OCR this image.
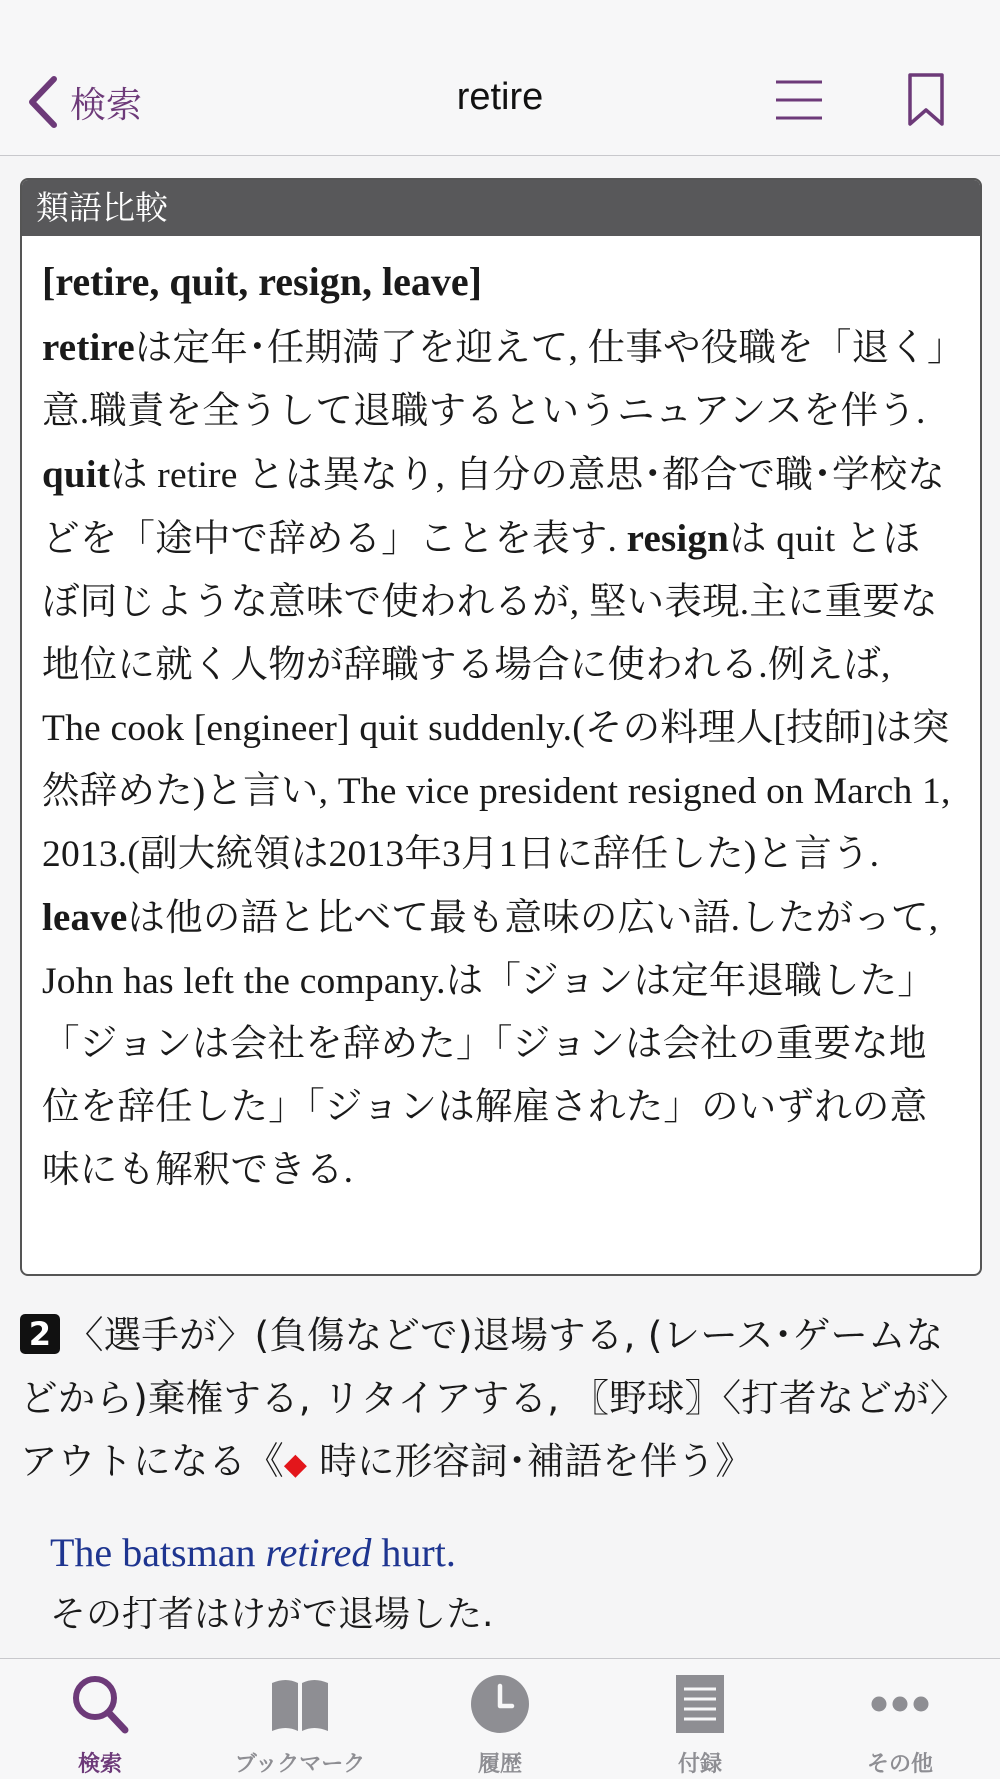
検索	retire
類語比較
[retire, quit, resign, leave]

retireは定年･任期満了を迎えて, 仕事や役職を「退く」意.職責を全うして退職するというニュアンスを伴う. quitは retire とは異なり, 自分の意思･都合で職･学校などを「途中で辞める」ことを表す. resignは quit とほぼ同じような意味で使われるが, 堅い表現.主に重要な地位に就く人物が辞職する場合に使われる.例えば, The cook [engineer] quit suddenly.(その料理人[技師]は突然辞めた)と言い, The vice president resigned on March 1, 2013.(副大統領は2013年3月1日に辞任した)と言う. leaveは他の語と比べて最も意味の広い語.したがって, John has left the company.は「ジョンは定年退職した」「ジョンは会社を辞めた」「ジョンは会社の重要な地位を辞任した」「ジョンは解雇された」のいずれの意味にも解釈できる.

2 〈選手が〉(負傷などで)退場する, (レース･ゲームなどから)棄権する, リタイアする, 〖野球〗〈打者などが〉アウトになる《◆ 時に形容詞･補語を伴う》
The batsman retired hurt.
その打者はけがで退場した.
検索	ブックマーク	履歴	付録	その他
